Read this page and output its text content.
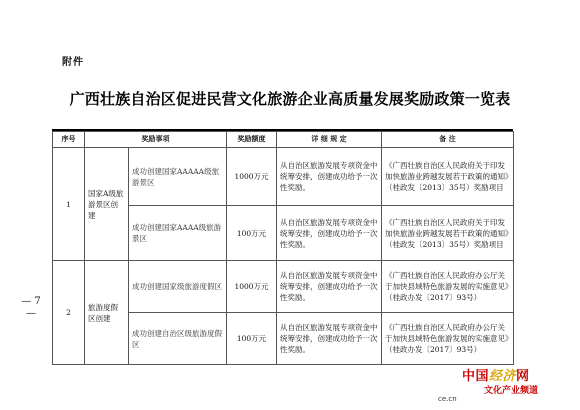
附件
广西壮族自治区促进民营文化旅游企业高质量发展奖励政策一览表
— 7 —
序号	奖励事项		奖励额度	详 细 规 定	备 注
1	国家A级旅游景区创建	成功创建国家AAAAA级旅游景区	1000万元	从自治区旅游发展专项资金中统筹安排，创建成功给予一次性奖励。	《广西壮族自治区人民政府关于印发加快旅游业跨越发展若干政策的通知》（桂政发〔2013〕35号）奖励项目
		成功创建国家AAAA级旅游景区	100万元	从自治区旅游发展专项资金中统筹安排，创建成功给予一次性奖励。	《广西壮族自治区人民政府关于印发加快旅游业跨越发展若干政策的通知》（桂政发〔2013〕35号）奖励项目
2	旅游度假区创建	成功创建国家级旅游度假区	1000万元	从自治区旅游发展专项资金中统筹安排，创建成功给予一次性奖励。	《广西壮族自治区人民政府办公厅关于加快县域特色旅游发展的实施意见》（桂政办发〔2017〕93号）
		成功创建自治区级旅游度假区	100万元	从自治区旅游发展专项资金中统筹安排，创建成功给予一次性奖励。	《广西壮族自治区人民政府办公厅关于加快县域特色旅游发展的实施意见》（桂政办发〔2017〕93号）
中国经济网
文化产业频道
ce.cn
